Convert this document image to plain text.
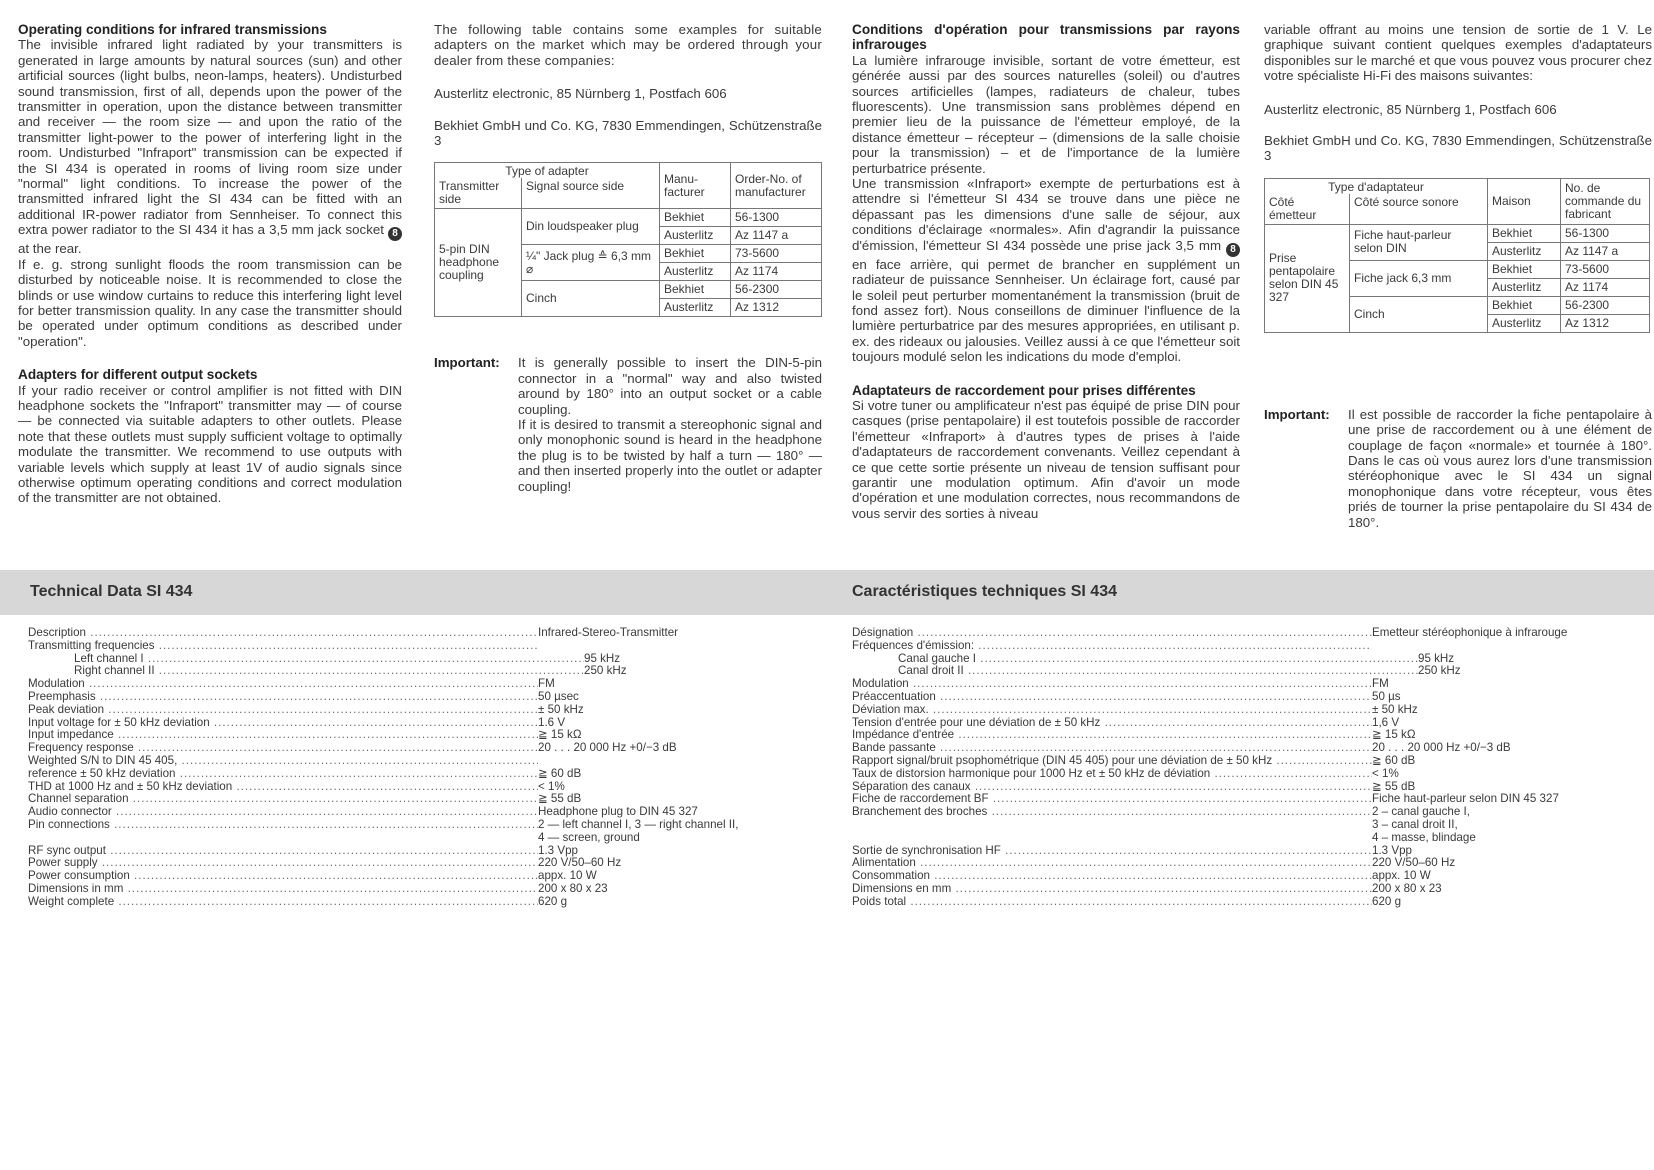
Operating conditions for infrared transmissions

The invisible infrared light radiated by your transmitters is generated in large amounts by natural sources (sun) and other artificial sources (light bulbs, neon-lamps, heaters). Undisturbed sound transmission, first of all, depends upon the power of the transmitter in operation, upon the distance between transmitter and receiver — the room size — and upon the ratio of the transmitter light-power to the power of interfering light in the room. Undisturbed "Infraport" transmission can be expected if the SI 434 is operated in rooms of living room size under "normal" light conditions. To increase the power of the transmitted infrared light the SI 434 can be fitted with an additional IR-power radiator from Sennheiser. To connect this extra power radiator to the SI 434 it has a 3,5 mm jack socket 8 at the rear.

If e. g. strong sunlight floods the room transmission can be disturbed by noticeable noise. It is recommended to close the blinds or use window curtains to reduce this interfering light level for better transmission quality. In any case the transmitter should be operated under optimum conditions as described under "operation".

Adapters for different output sockets

If your radio receiver or control amplifier is not fitted with DIN headphone sockets the "Infraport" transmitter may — of course — be connected via suitable adapters to other outlets. Please note that these outlets must supply sufficient voltage to optimally modulate the transmitter. We recommend to use outputs with variable levels which supply at least 1V of audio signals since otherwise optimum operating conditions and correct modulation of the transmitter are not obtained.

The following table contains some examples for suitable adapters on the market which may be ordered through your dealer from these companies:

Austerlitz electronic, 85 Nürnberg 1, Postfach 606

Bekhiet GmbH und Co. KG, 7830 Emmendingen, Schützenstraße 3

Type of adapter		Manu-facturer	Order-No. of manufacturer
Transmitter side	Signal source side		
5-pin DIN headphone coupling	Din loudspeaker plug	Bekhiet	56-1300
		Austerlitz	Az 1147 a
	¼" Jack plug ≙ 6,3 mm ⌀	Bekhiet	73-5600
		Austerlitz	Az 1174
	Cinch	Bekhiet	56-2300
		Austerlitz	Az 1312
Important: It is generally possible to insert the DIN-5-pin connector in a "normal" way and also twisted around by 180° into an output socket or a cable coupling.

If it is desired to transmit a stereophonic signal and only monophonic sound is heard in the headphone the plug is to be twisted by half a turn — 180° — and then inserted properly into the outlet or adapter coupling!

Conditions d'opération pour transmissions par rayons infrarouges

La lumière infrarouge invisible, sortant de votre émetteur, est générée aussi par des sources naturelles (soleil) ou d'autres sources artificielles (lampes, radiateurs de chaleur, tubes fluorescents). Une transmission sans problèmes dépend en premier lieu de la puissance de l'émetteur employé, de la distance émetteur – récepteur – (dimensions de la salle choisie pour la transmission) – et de l'importance de la lumière perturbatrice présente.

Une transmission «Infraport» exempte de perturbations est à attendre si l'émetteur SI 434 se trouve dans une pièce ne dépassant pas les dimensions d'une salle de séjour, aux conditions d'éclairage «normales». Afin d'agrandir la puissance d'émission, l'émetteur SI 434 possède une prise jack 3,5 mm 8 en face arrière, qui permet de brancher en supplément un radiateur de puissance Sennheiser. Un éclairage fort, causé par le soleil peut perturber momentanément la transmission (bruit de fond assez fort). Nous conseillons de diminuer l'influence de la lumière perturbatrice par des mesures appropriées, en utilisant p. ex. des rideaux ou jalousies. Veillez aussi à ce que l'émetteur soit toujours modulé selon les indications du mode d'emploi.

Adaptateurs de raccordement pour prises différentes

Si votre tuner ou amplificateur n'est pas équipé de prise DIN pour casques (prise pentapolaire) il est toutefois possible de raccorder l'émetteur «Infraport» à d'autres types de prises à l'aide d'adaptateurs de raccordement convenants. Veillez cependant à ce que cette sortie présente un niveau de tension suffisant pour garantir une modulation optimum. Afin d'avoir un mode d'opération et une modulation correctes, nous recommandons de vous servir des sorties à niveau

variable offrant au moins une tension de sortie de 1 V. Le graphique suivant contient quelques exemples d'adaptateurs disponibles sur le marché et que vous pouvez vous procurer chez votre spécialiste Hi-Fi des maisons suivantes:

Austerlitz electronic, 85 Nürnberg 1, Postfach 606

Bekhiet GmbH und Co. KG, 7830 Emmendingen, Schützenstraße 3

Type d'adaptateur		Maison	No. de commande du fabricant
Côté émetteur	Côté source sonore		
Prise pentapolaire selon DIN 45 327	Fiche haut-parleur selon DIN	Bekhiet	56-1300
		Austerlitz	Az 1147 a
	Fiche jack 6,3 mm	Bekhiet	73-5600
		Austerlitz	Az 1174
	Cinch	Bekhiet	56-2300
		Austerlitz	Az 1312
Important: Il est possible de raccorder la fiche pentapolaire à une prise de raccordement ou à une élément de couplage de façon «normale» et tournée à 180°. Dans le cas où vous aurez lors d'une transmission stéréophonique avec le SI 434 un signal monophonique dans votre récepteur, vous êtes priés de tourner la prise pentapolaire du SI 434 de 180°.

Technical Data SI 434	Caractéristiques techniques SI 434
Description .....	Infrared-Stereo-Transmitter
Transmitting frequencies .....
Left channel I .....	95 kHz
Right channel II .....	250 kHz
Modulation .....	FM
Preemphasis .....	50 µsec
Peak deviation .....	± 50 kHz
Input voltage for ± 50 kHz deviation .....	1.6 V
Input impedance .....	≧ 15 kΩ
Frequency response .....	20 . . . 20 000 Hz +0/−3 dB
Weighted S/N to DIN 45 405, .....
reference ± 50 kHz deviation .....	≧ 60 dB
THD at 1000 Hz and ± 50 kHz deviation .....	< 1%
Channel separation .....	≧ 55 dB
Audio connector .....	Headphone plug to DIN 45 327
Pin connections .....	2 — left channel I, 3 — right channel II,
4 — screen, ground
RF sync output .....	1.3 Vpp
Power supply .....	220 V/50–60 Hz
Power consumption .....	appx. 10 W
Dimensions in mm .....	200 x 80 x 23
Weight complete .....	620 g
Désignation .....	Emetteur stéréophonique à infrarouge
Fréquences d'émission: .....
Canal gauche I .....	95 kHz
Canal droit II .....	250 kHz
Modulation .....	FM
Préaccentuation .....	50 µs
Déviation max. .....	± 50 kHz
Tension d'entrée pour une déviation de ± 50 kHz .....	1,6 V
Impédance d'entrée .....	≧ 15 kΩ
Bande passante .....	20 . . . 20 000 Hz +0/−3 dB
Rapport signal/bruit psophométrique (DIN 45 405) pour une déviation de ± 50 kHz .....	≧ 60 dB
Taux de distorsion harmonique pour 1000 Hz et ± 50 kHz de déviation .....	< 1%
Séparation des canaux .....	≧ 55 dB
Fiche de raccordement BF .....	Fiche haut-parleur selon DIN 45 327
Branchement des broches .....	2 – canal gauche I,
3 – canal droit II,
4 – masse, blindage
Sortie de synchronisation HF .....	1.3 Vpp
Alimentation .....	220 V/50–60 Hz
Consommation .....	appx. 10 W
Dimensions en mm .....	200 x 80 x 23
Poids total .....	620 g
